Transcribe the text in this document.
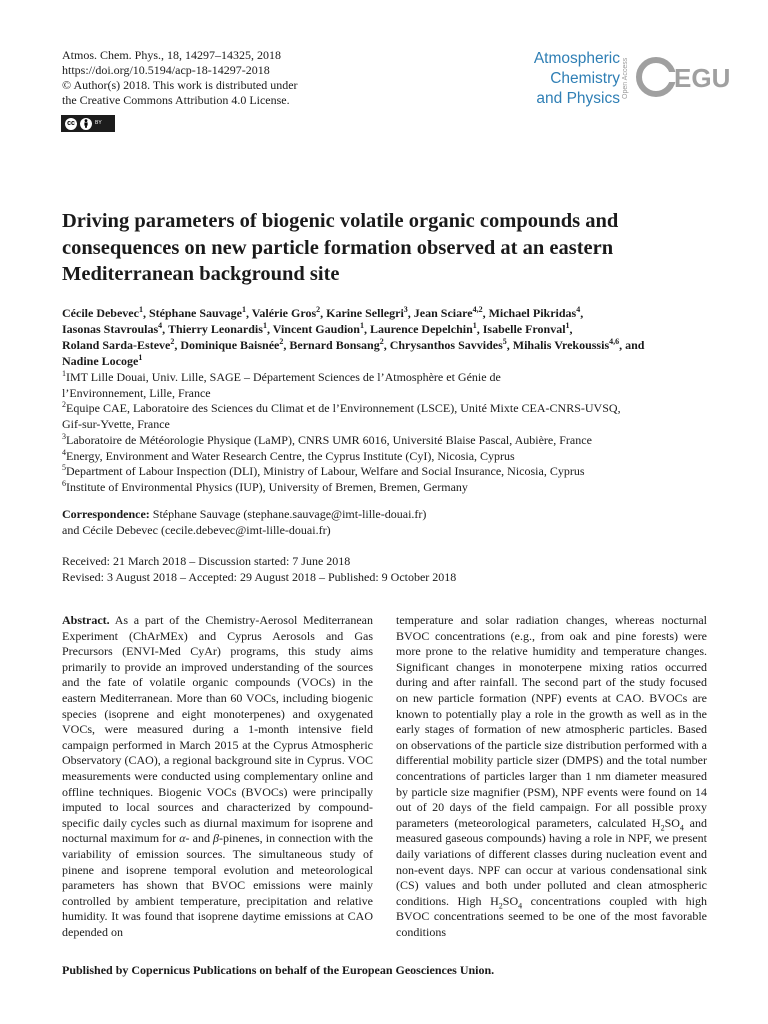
Atmos. Chem. Phys., 18, 14297–14325, 2018
https://doi.org/10.5194/acp-18-14297-2018
© Author(s) 2018. This work is distributed under
the Creative Commons Attribution 4.0 License.
cc	BY
Atmospheric
Chemistry
and Physics Open Access EGU
Driving parameters of biogenic volatile organic compounds and
consequences on new particle formation observed at an eastern
Mediterranean background site
Cécile Debevec$^1$, Stéphane Sauvage$^1$, Valérie Gros$^2$, Karine Sellegri$^3$, Jean Sciare$^{4,2}$, Michael Pikridas$^4$,
Iasonas Stavroulas$^4$, Thierry Leonardis$^1$, Vincent Gaudion$^1$, Laurence Depelchin$^1$, Isabelle Fronval$^1$,
Roland Sarda-Esteve$^2$, Dominique Baisnée$^2$, Bernard Bonsang$^2$, Chrysanthos Savvides$^5$, Mihalis Vrekoussis$^{4,6}$, and
Nadine Locoge$^1$
$^1$IMT Lille Douai, Univ. Lille, SAGE – Département Sciences de l’Atmosphère et Génie de
l’Environnement, Lille, France
$^2$Equipe CAE, Laboratoire des Sciences du Climat et de l’Environnement (LSCE), Unité Mixte CEA-CNRS-UVSQ,
Gif-sur-Yvette, France
$^3$Laboratoire de Météorologie Physique (LaMP), CNRS UMR 6016, Université Blaise Pascal, Aubière, France
$^4$Energy, Environment and Water Research Centre, the Cyprus Institute (CyI), Nicosia, Cyprus
$^5$Department of Labour Inspection (DLI), Ministry of Labour, Welfare and Social Insurance, Nicosia, Cyprus
$^6$Institute of Environmental Physics (IUP), University of Bremen, Bremen, Germany
Correspondence: Stéphane Sauvage (stephane.sauvage@imt-lille-douai.fr)
and Cécile Debevec (cecile.debevec@imt-lille-douai.fr)
Received: 21 March 2018 – Discussion started: 7 June 2018
Revised: 3 August 2018 – Accepted: 29 August 2018 – Published: 9 October 2018
Abstract. As a part of the Chemistry-Aerosol Mediterranean Experiment (ChArMEx) and Cyprus Aerosols and Gas Precursors (ENVI-Med CyAr) programs, this study aims primarily to provide an improved understanding of the sources and the fate of volatile organic compounds (VOCs) in the eastern Mediterranean. More than 60 VOCs, including biogenic species (isoprene and eight monoterpenes) and oxygenated VOCs, were measured during a 1-month intensive field campaign performed in March 2015 at the Cyprus Atmospheric Observatory (CAO), a regional background site in Cyprus. VOC measurements were conducted using complementary online and offline techniques. Biogenic VOCs (BVOCs) were principally imputed to local sources and characterized by compound-specific daily cycles such as diurnal maximum for isoprene and nocturnal maximum for α- and β-pinenes, in connection with the variability of emission sources. The simultaneous study of pinene and isoprene temporal evolution and meteorological parameters has shown that BVOC emissions were mainly controlled by ambient temperature, precipitation and relative humidity. It was found that isoprene daytime emissions at CAO depended on
temperature and solar radiation changes, whereas nocturnal BVOC concentrations (e.g., from oak and pine forests) were more prone to the relative humidity and temperature changes. Significant changes in monoterpene mixing ratios occurred during and after rainfall. The second part of the study focused on new particle formation (NPF) events at CAO. BVOCs are known to potentially play a role in the growth as well as in the early stages of formation of new atmospheric particles. Based on observations of the particle size distribution performed with a differential mobility particle sizer (DMPS) and the total number concentrations of particles larger than 1 nm diameter measured by particle size magnifier (PSM), NPF events were found on 14 out of 20 days of the field campaign. For all possible proxy parameters (meteorological parameters, calculated $H_2SO_4$ and measured gaseous compounds) having a role in NPF, we present daily variations of different classes during nucleation event and non-event days. NPF can occur at various condensational sink (CS) values and both under polluted and clean atmospheric conditions. High $H_2SO_4$ concentrations coupled with high BVOC concentrations seemed to be one of the most favorable conditions
Published by Copernicus Publications on behalf of the European Geosciences Union.
